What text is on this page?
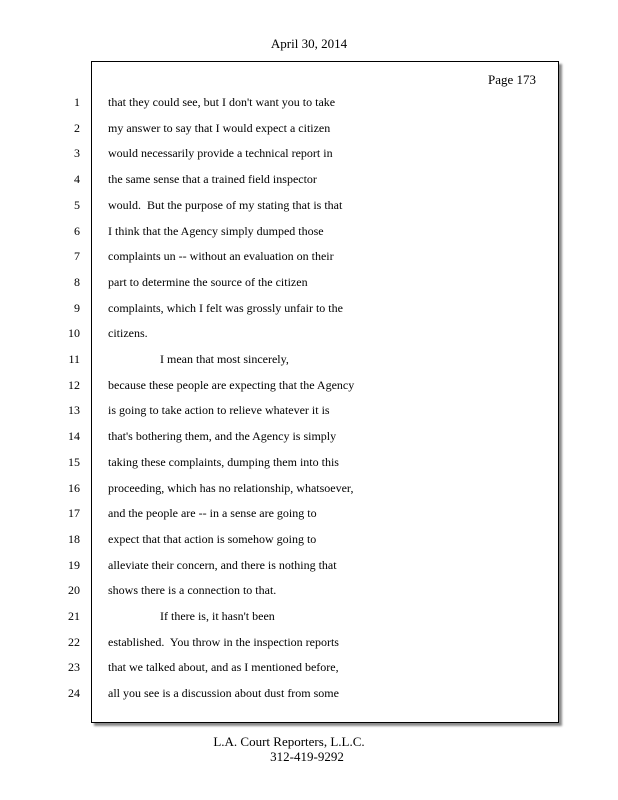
April 30, 2014
Page 173
1 that they could see, but I don't want you to take
2 my answer to say that I would expect a citizen
3 would necessarily provide a technical report in
4 the same sense that a trained field inspector
5 would.  But the purpose of my stating that is that
6 I think that the Agency simply dumped those
7 complaints un -- without an evaluation on their
8 part to determine the source of the citizen
9 complaints, which I felt was grossly unfair to the
10 citizens.
11	I mean that most sincerely,
12 because these people are expecting that the Agency
13 is going to take action to relieve whatever it is
14 that's bothering them, and the Agency is simply
15 taking these complaints, dumping them into this
16 proceeding, which has no relationship, whatsoever,
17 and the people are -- in a sense are going to
18 expect that that action is somehow going to
19 alleviate their concern, and there is nothing that
20 shows there is a connection to that.
21	If there is, it hasn't been
22 established.  You throw in the inspection reports
23 that we talked about, and as I mentioned before,
24 all you see is a discussion about dust from some
L.A. Court Reporters, L.L.C.
312-419-9292
